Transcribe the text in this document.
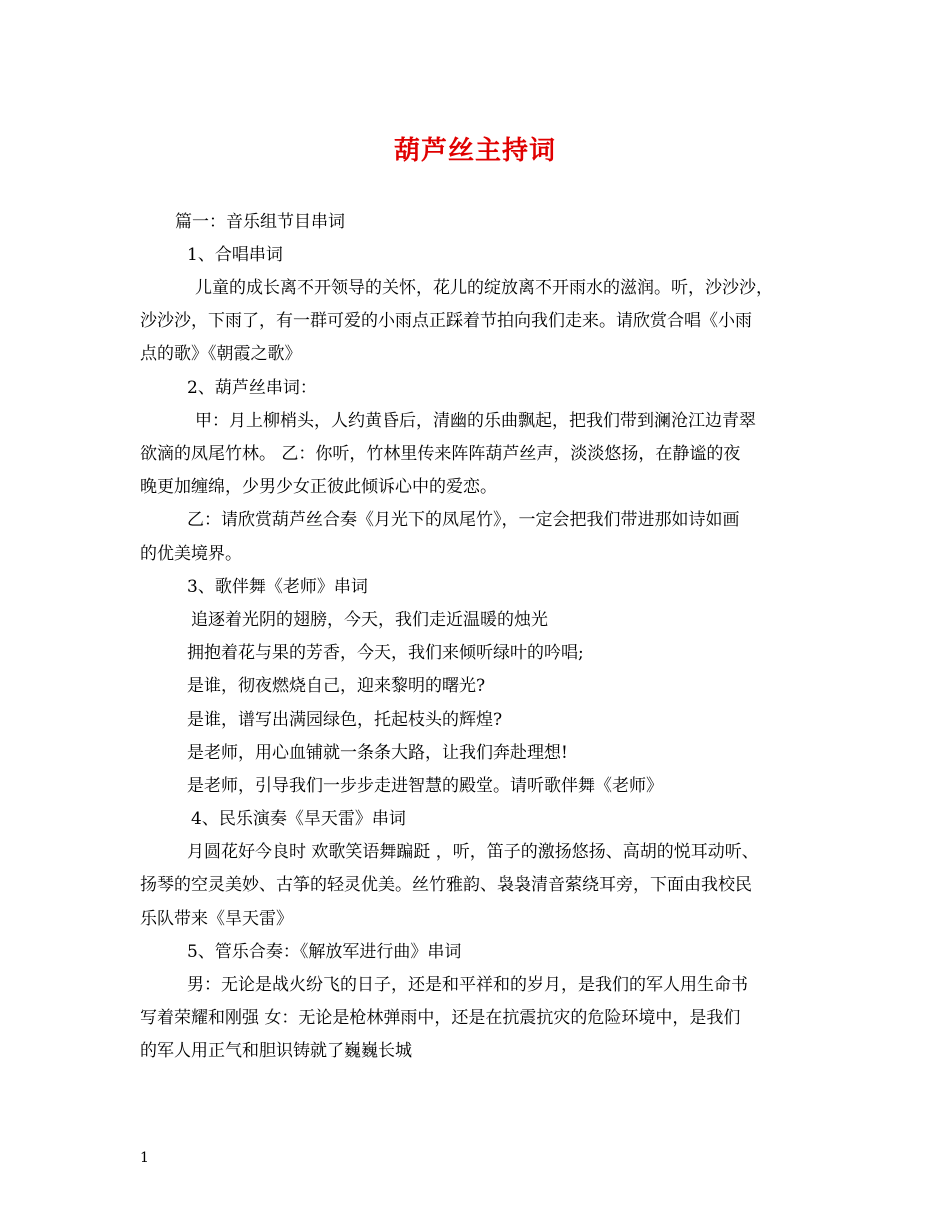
葫芦丝主持词
篇一：音乐组节目串词
1、合唱串词
儿童的成长离不开领导的关怀，花儿的绽放离不开雨水的滋润。听，沙沙沙，
沙沙沙，下雨了，有一群可爱的小雨点正踩着节拍向我们走来。请欣赏合唱《小雨
点的歌》《朝霞之歌》
2、葫芦丝串词：
甲：月上柳梢头，人约黄昏后，清幽的乐曲飘起，把我们带到澜沧江边青翠
欲滴的凤尾竹林。 乙：你听，竹林里传来阵阵葫芦丝声，淡淡悠扬，在静谧的夜
晚更加缠绵，少男少女正彼此倾诉心中的爱恋。
乙：请欣赏葫芦丝合奏《月光下的凤尾竹》，一定会把我们带进那如诗如画
的优美境界。
3、歌伴舞《老师》串词
追逐着光阴的翅膀，今天，我们走近温暖的烛光
拥抱着花与果的芳香，今天，我们来倾听绿叶的吟唱;
是谁，彻夜燃烧自己，迎来黎明的曙光?
是谁，谱写出满园绿色，托起枝头的辉煌?
是老师，用心血铺就一条条大路，让我们奔赴理想!
是老师，引导我们一步步走进智慧的殿堂。请听歌伴舞《老师》
4、民乐演奏《旱天雷》串词
月圆花好今良时 欢歌笑语舞蹁跹 ，听，笛子的激扬悠扬、高胡的悦耳动听、
扬琴的空灵美妙、古筝的轻灵优美。丝竹雅韵、袅袅清音萦绕耳旁，下面由我校民
乐队带来《旱天雷》
5、管乐合奏：《解放军进行曲》串词
男：无论是战火纷飞的日子，还是和平祥和的岁月，是我们的军人用生命书
写着荣耀和刚强 女：无论是枪林弹雨中，还是在抗震抗灾的危险环境中，是我们
的军人用正气和胆识铸就了巍巍长城
1
